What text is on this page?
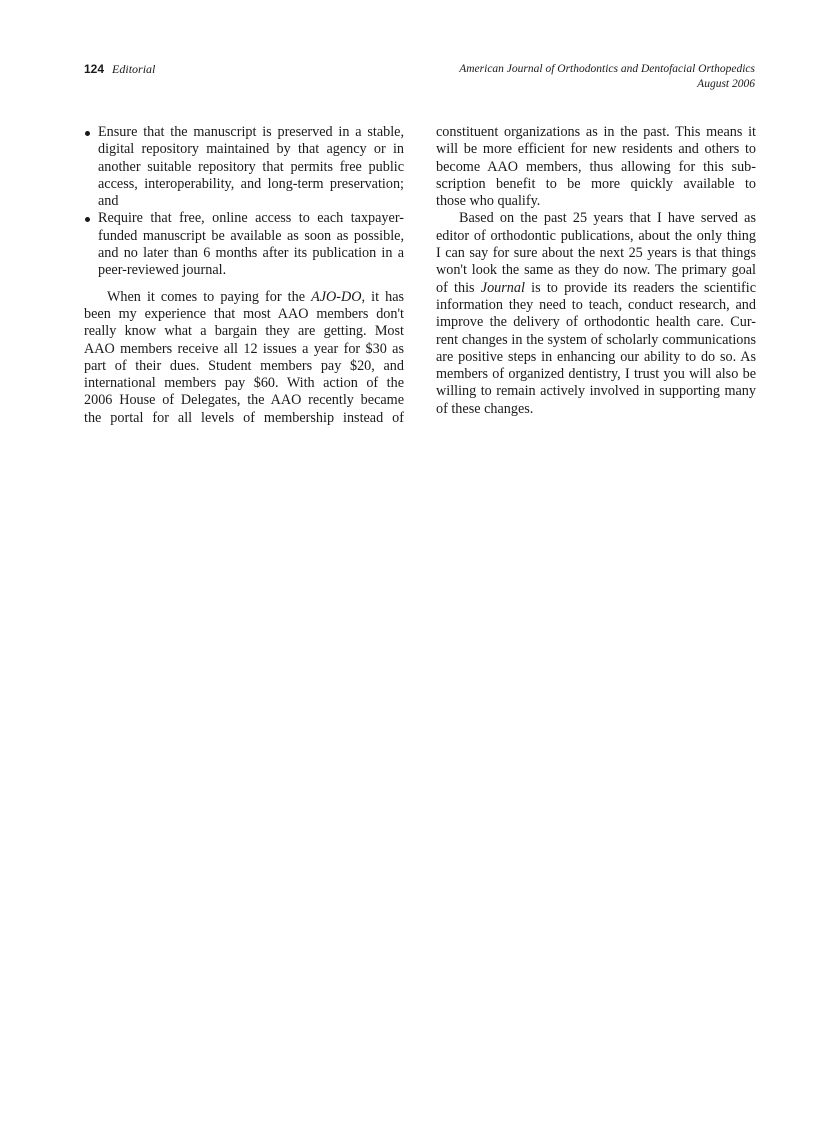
124 Editorial	American Journal of Orthodontics and Dentofacial Orthopedics
August 2006
Ensure that the manuscript is preserved in a stable,
digital repository maintained by that agency or in
another suitable repository that permits free public
access, interoperability, and long-term preservation;
and
Require that free, online access to each taxpayer-
funded manuscript be available as soon as possible,
and no later than 6 months after its publication in a
peer-reviewed journal.
When it comes to paying for the AJO-DO, it has
been my experience that most AAO members don't
really know what a bargain they are getting. Most
AAO members receive all 12 issues a year for $30 as
part of their dues. Student members pay $20, and
international members pay $60. With action of the
2006 House of Delegates, the AAO recently became
the portal for all levels of membership instead of
constituent organizations as in the past. This means it
will be more efficient for new residents and others to
become AAO members, thus allowing for this sub-
scription benefit to be more quickly available to
those who qualify.
Based on the past 25 years that I have served as
editor of orthodontic publications, about the only thing
I can say for sure about the next 25 years is that things
won't look the same as they do now. The primary goal
of this Journal is to provide its readers the scientific
information they need to teach, conduct research, and
improve the delivery of orthodontic health care. Cur-
rent changes in the system of scholarly communications
are positive steps in enhancing our ability to do so. As
members of organized dentistry, I trust you will also be
willing to remain actively involved in supporting many
of these changes.
